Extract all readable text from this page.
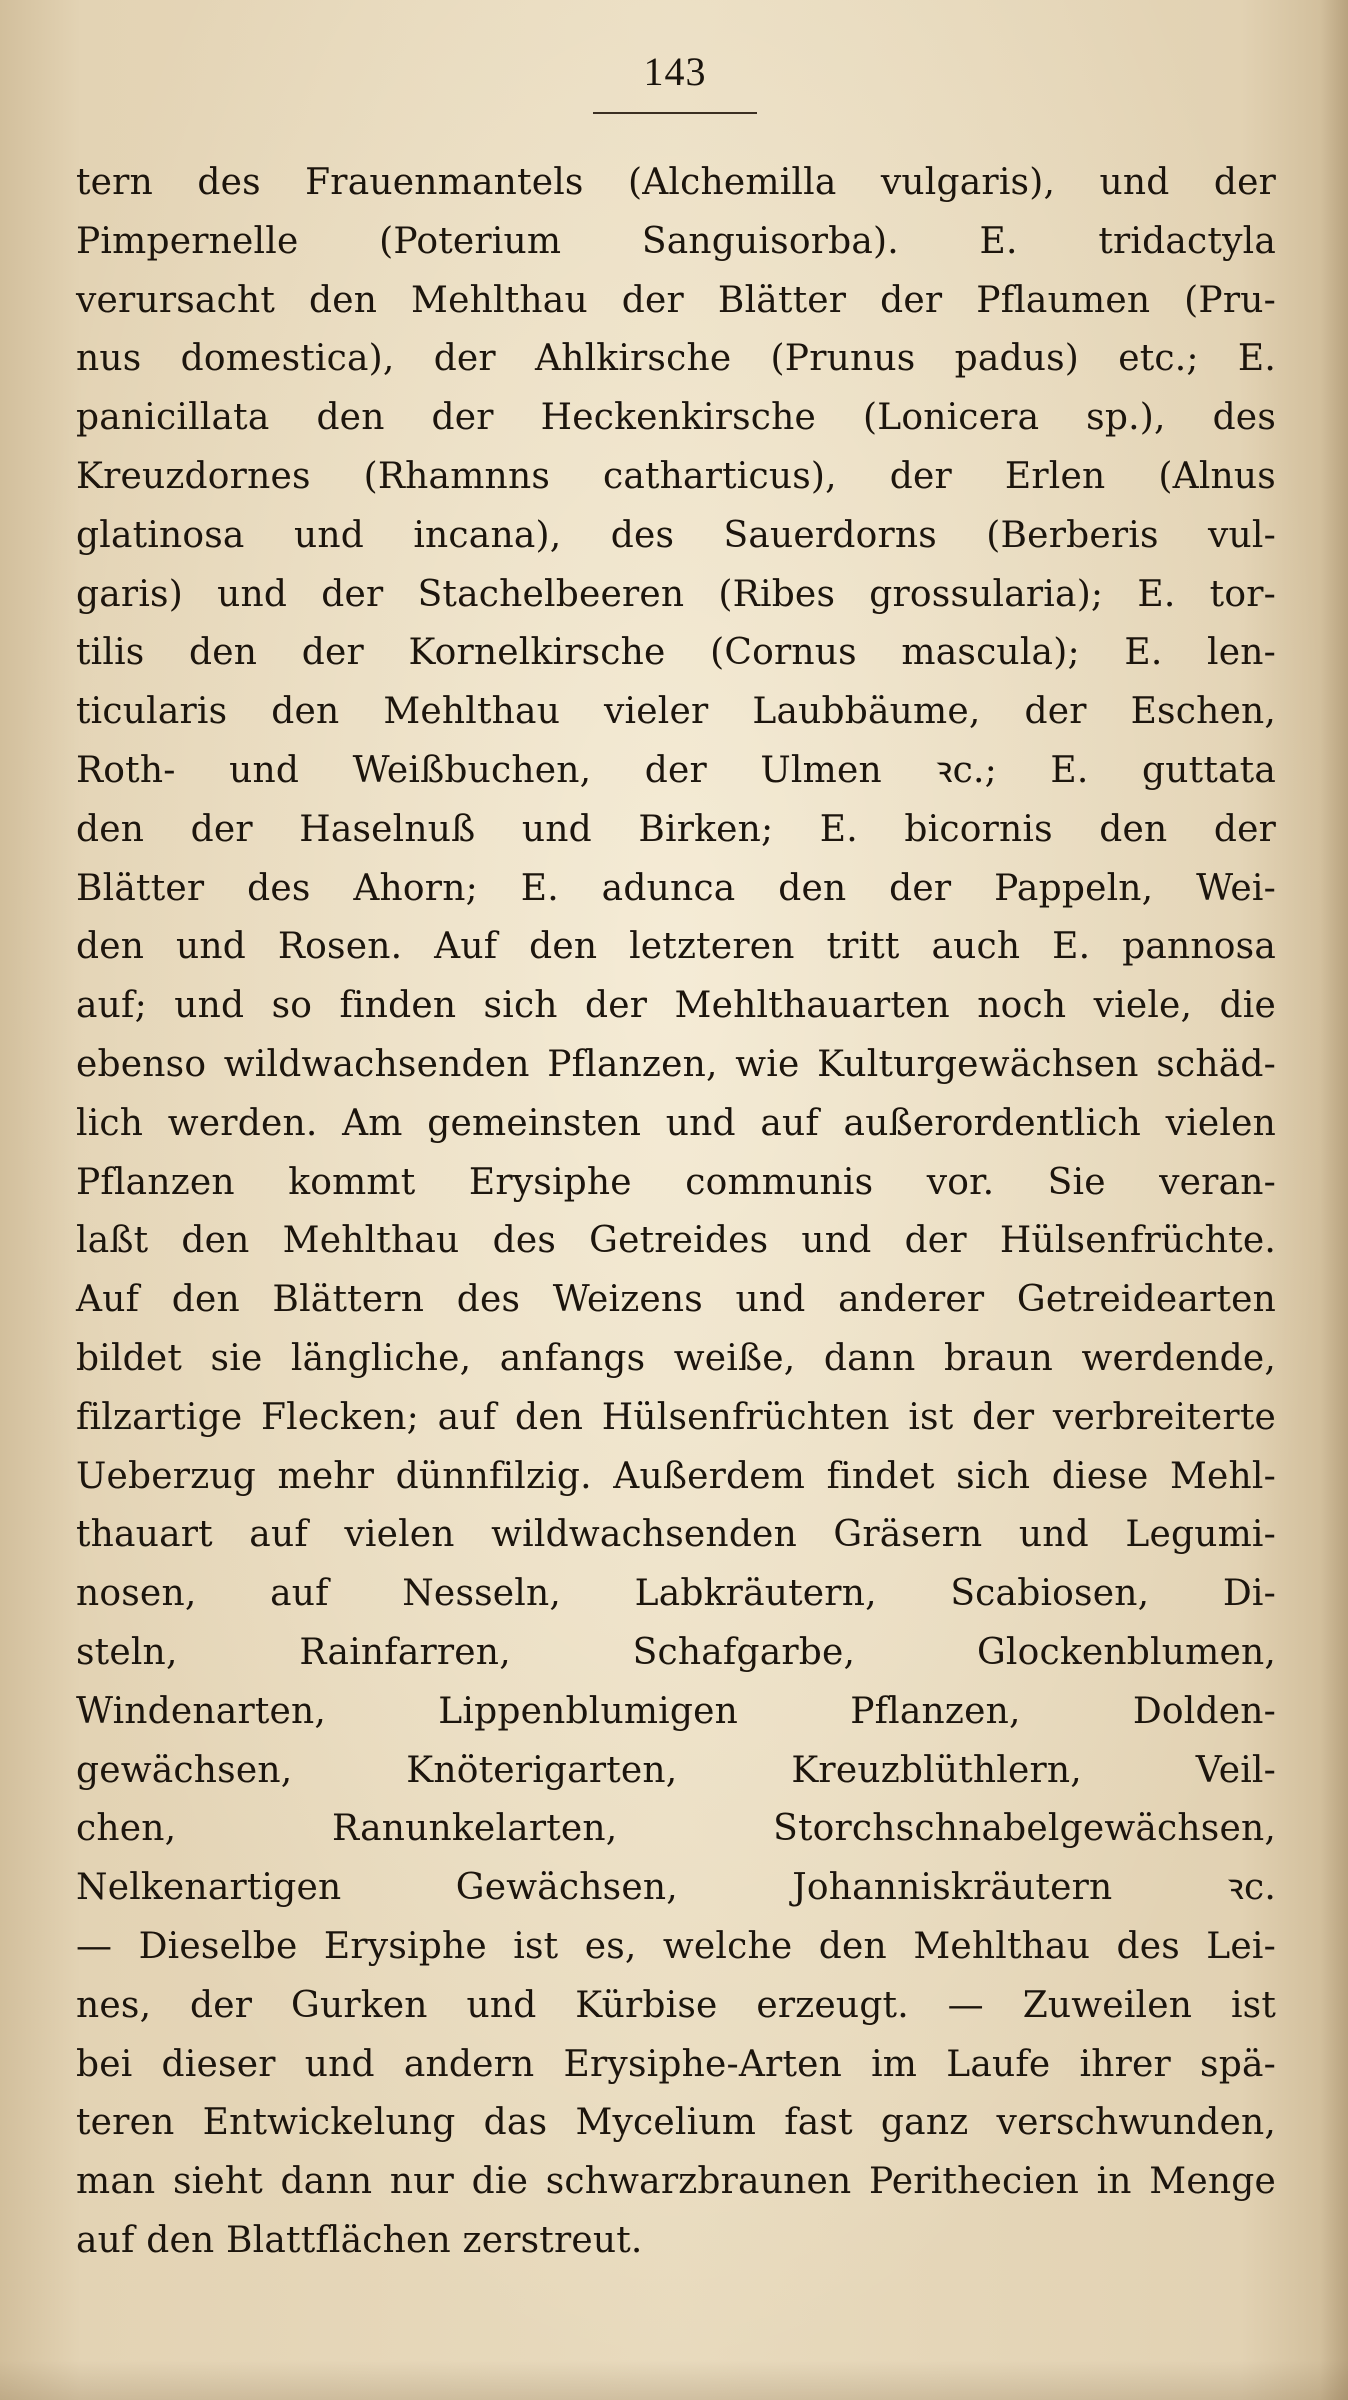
143
tern des Frauenmantels (Alchemilla vulgaris), und der
Pimpernelle (Poterium Sanguisorba). E. tridactyla
verursacht den Mehlthau der Blätter der Pflaumen (Pru-
nus domestica), der Ahlkirsche (Prunus padus) etc.; E.
panicillata den der Heckenkirsche (Lonicera sp.), des
Kreuzdornes (Rhamnns catharticus), der Erlen (Alnus
glatinosa und incana), des Sauerdorns (Berberis vul-
garis) und der Stachelbeeren (Ribes grossularia); E. tor-
tilis den der Kornelkirsche (Cornus mascula); E. len-
ticularis den Mehlthau vieler Laubbäume, der Eschen,
Roth- und Weißbuchen, der Ulmen ꝛc.; E. guttata
den der Haselnuß und Birken; E. bicornis den der
Blätter des Ahorn; E. adunca den der Pappeln, Wei-
den und Rosen. Auf den letzteren tritt auch E. pannosa
auf; und so finden sich der Mehlthauarten noch viele, die
ebenso wildwachsenden Pflanzen, wie Kulturgewächsen schäd-
lich werden. Am gemeinsten und auf außerordentlich vielen
Pflanzen kommt Erysiphe communis vor. Sie veran-
laßt den Mehlthau des Getreides und der Hülsenfrüchte.
Auf den Blättern des Weizens und anderer Getreidearten
bildet sie längliche, anfangs weiße, dann braun werdende,
filzartige Flecken; auf den Hülsenfrüchten ist der verbreiterte
Ueberzug mehr dünnfilzig. Außerdem findet sich diese Mehl-
thauart auf vielen wildwachsenden Gräsern und Legumi-
nosen, auf Nesseln, Labkräutern, Scabiosen, Di-
steln, Rainfarren, Schafgarbe, Glockenblumen,
Windenarten, Lippenblumigen Pflanzen, Dolden-
gewächsen, Knöterigarten, Kreuzblüthlern, Veil-
chen, Ranunkelarten, Storchschnabelgewächsen,
Nelkenartigen Gewächsen, Johanniskräutern ꝛc.
— Dieselbe Erysiphe ist es, welche den Mehlthau des Lei-
nes, der Gurken und Kürbise erzeugt. — Zuweilen ist
bei dieser und andern Erysiphe-Arten im Laufe ihrer spä-
teren Entwickelung das Mycelium fast ganz verschwunden,
man sieht dann nur die schwarzbraunen Perithecien in Menge
auf den Blattflächen zerstreut.
